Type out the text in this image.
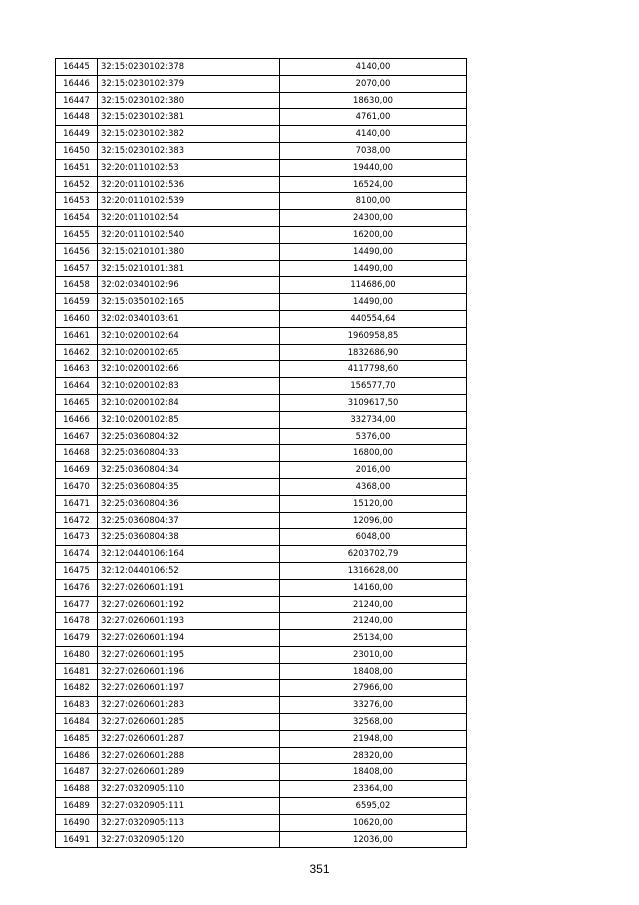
16445	32:15:0230102:378	4140,00
16446	32:15:0230102:379	2070,00
16447	32:15:0230102:380	18630,00
16448	32:15:0230102:381	4761,00
16449	32:15:0230102:382	4140,00
16450	32:15:0230102:383	7038,00
16451	32:20:0110102:53	19440,00
16452	32:20:0110102:536	16524,00
16453	32:20:0110102:539	8100,00
16454	32:20:0110102:54	24300,00
16455	32:20:0110102:540	16200,00
16456	32:15:0210101:380	14490,00
16457	32:15:0210101:381	14490,00
16458	32:02:0340102:96	114686,00
16459	32:15:0350102:165	14490,00
16460	32:02:0340103:61	440554,64
16461	32:10:0200102:64	1960958,85
16462	32:10:0200102:65	1832686,90
16463	32:10:0200102:66	4117798,60
16464	32:10:0200102:83	156577,70
16465	32:10:0200102:84	3109617,50
16466	32:10:0200102:85	332734,00
16467	32:25:0360804:32	5376,00
16468	32:25:0360804:33	16800,00
16469	32:25:0360804:34	2016,00
16470	32:25:0360804:35	4368,00
16471	32:25:0360804:36	15120,00
16472	32:25:0360804:37	12096,00
16473	32:25:0360804:38	6048,00
16474	32:12:0440106:164	6203702,79
16475	32:12:0440106:52	1316628,00
16476	32:27:0260601:191	14160,00
16477	32:27:0260601:192	21240,00
16478	32:27:0260601:193	21240,00
16479	32:27:0260601:194	25134,00
16480	32:27:0260601:195	23010,00
16481	32:27:0260601:196	18408,00
16482	32:27:0260601:197	27966,00
16483	32:27:0260601:283	33276,00
16484	32:27:0260601:285	32568,00
16485	32:27:0260601:287	21948,00
16486	32:27:0260601:288	28320,00
16487	32:27:0260601:289	18408,00
16488	32:27:0320905:110	23364,00
16489	32:27:0320905:111	6595,02
16490	32:27:0320905:113	10620,00
16491	32:27:0320905:120	12036,00
351
